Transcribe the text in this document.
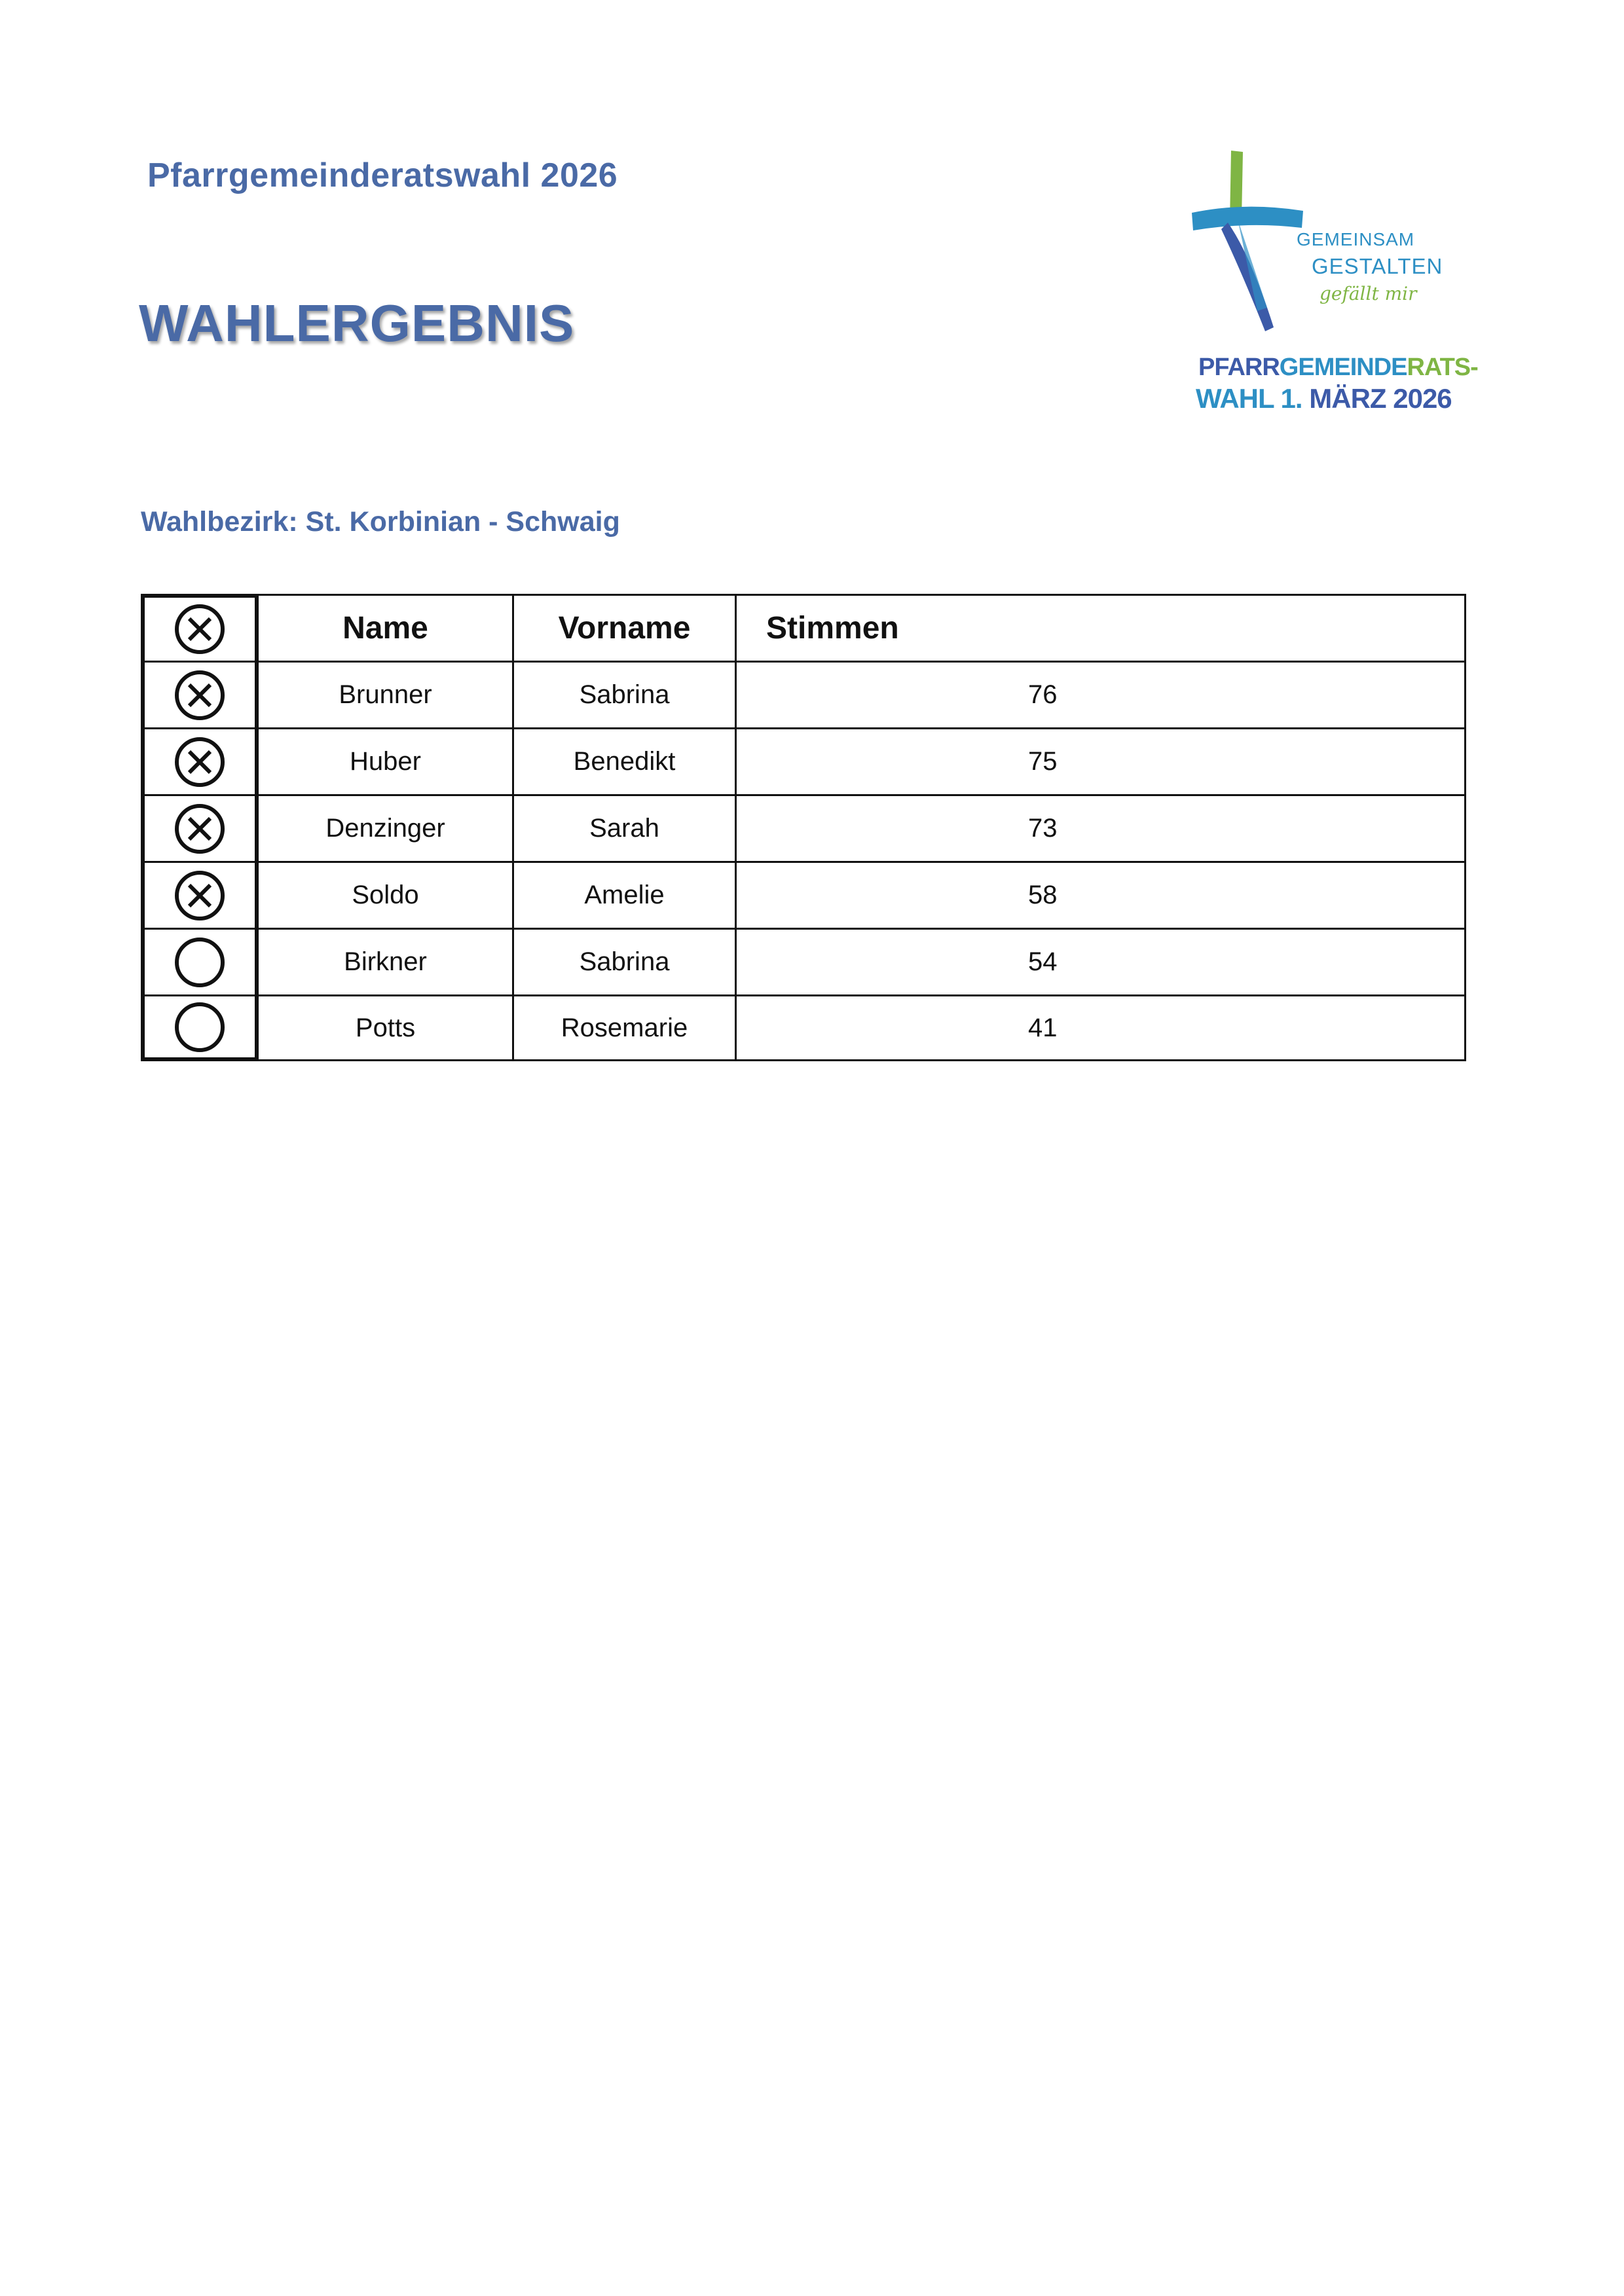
Pfarrgemeinderatswahl 2026
WAHLERGEBNIS
GEMEINSAM
GESTALTEN
gefällt mir
PFARRGEMEINDERATS-
WAHL 1. MÄRZ 2026
Wahlbezirk: St. Korbinian - Schwaig
Name	Vorname	Stimmen
Brunner	Sabrina	76
Huber	Benedikt	75
Denzinger	Sarah	73
Soldo	Amelie	58
Birkner	Sabrina	54
Potts	Rosemarie	41
